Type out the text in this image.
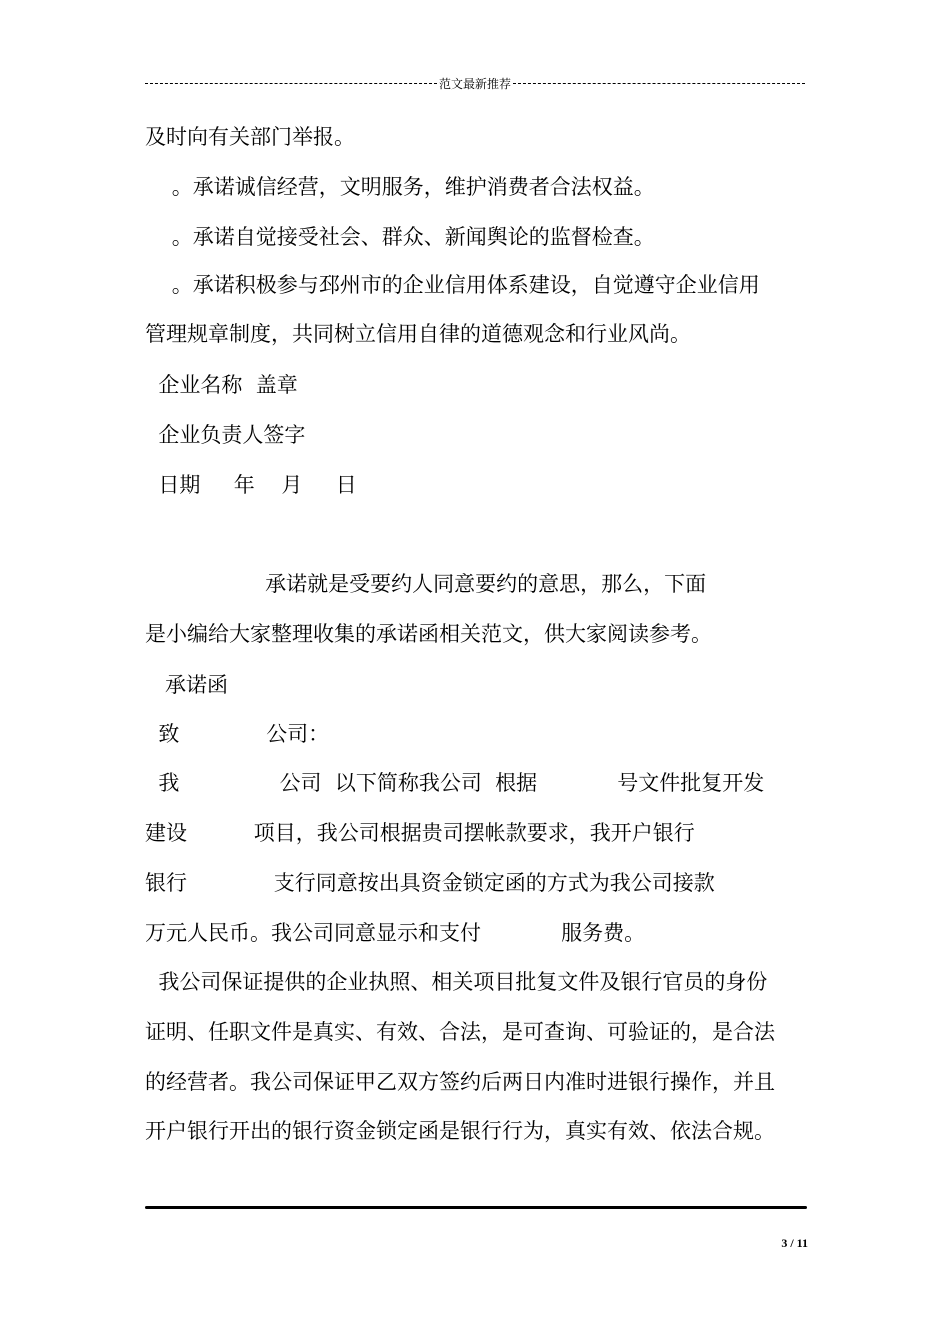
范文最新推荐
及时向有关部门举报。
。承诺诚信经营，文明服务，维护消费者合法权益。
。承诺自觉接受社会、群众、新闻舆论的监督检查。
。承诺积极参与邳州市的企业信用体系建设，自觉遵守企业信用
管理规章制度，共同树立信用自律的道德观念和行业风尚。
企业名称  盖章
企业负责人签字
日期     年    月     日
承诺就是受要约人同意要约的意思，那么，下面
是小编给大家整理收集的承诺函相关范文，供大家阅读参考。
承诺函
致             公司：
我               公司  以下简称我公司  根据            号文件批复开发
建设          项目，我公司根据贵司摆帐款要求，我开户银行
银行             支行同意按出具资金锁定函的方式为我公司接款
万元人民币。我公司同意显示和支付            服务费。
我公司保证提供的企业执照、相关项目批复文件及银行官员的身份
证明、任职文件是真实、有效、合法，是可查询、可验证的，是合法
的经营者。我公司保证甲乙双方签约后两日内准时进银行操作，并且
开户银行开出的银行资金锁定函是银行行为，真实有效、依法合规。
3 / 11
